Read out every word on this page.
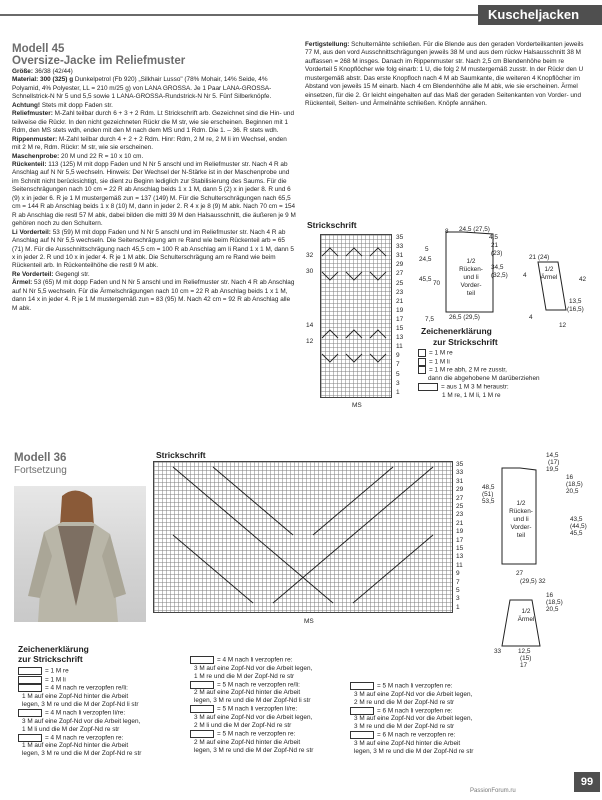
Kuscheljacken
Modell 45
Oversize-Jacke im Reliefmuster

Größe: 36/38 (42/44)

Material: 300 (325) g Dunkelpetrol (Fb 920) „Silkhair Lusso" (78% Mohair, 14% Seide, 4% Polyamid, 4% Polyester, LL = 210 m/25 g) von LANA GROSSA. Je 1 Paar LANA-GROSSA-Schnellstrick-N Nr 5 und 5,5 sowie 1 LANA-GROSSA-Rundstrick-N Nr 5. Fünf Silberknöpfe.

Achtung! Stets mit dopp Faden str.

Reliefmuster: M-Zahl teilbar durch 6 + 3 + 2 Rdm. Lt Strickschrift arb. Gezeichnet sind die Hin- und teilweise die Rückr. In den nicht gezeichneten Rückr die M str, wie sie erscheinen. Beginnen mit 1 Rdm, den MS stets wdh, enden mit den M nach dem MS und 1 Rdm. Die 1. – 36. R stets wdh.

Rippenmuster: M-Zahl teilbar durch 4 + 2 + 2 Rdm. Hinr: Rdm, 2 M re, 2 M li im Wechsel, enden mit 2 M re, Rdm. Rückr: M str, wie sie erscheinen.

Maschenprobe: 20 M und 22 R = 10 x 10 cm.

Rückenteil: 113 (125) M mit dopp Faden und N Nr 5 anschl und im Reliefmuster str. Nach 4 R ab Anschlag auf N Nr 5,5 wechseln. Hinweis: Der Wechsel der N-Stärke ist in der Maschenprobe und im Schnitt nicht berücksichtigt, sie dient zu Beginn lediglich zur Stabilisierung des Saums. Für die Seitenschrägungen nach 10 cm = 22 R ab Anschlag beids 1 x 1 M, dann 5 (2) x in jeder 8. R und 6 (9) x in jeder 6. R je 1 M mustergemäß zun = 137 (149) M. Für die Schulterschrägungen nach 65,5 cm = 144 R ab Anschlag beids 1 x 8 (10) M, dann in jeder 2. R 4 x je 8 (9) M abk. Nach 70 cm = 154 R ab Anschlag die restl 57 M abk, dabei bilden die mittl 39 M den Halsausschnitt, die äußeren je 9 M gehören noch zu den Schultern.

Li Vorderteil: 53 (59) M mit dopp Faden und N Nr 5 anschl und im Reliefmuster str. Nach 4 R ab Anschlag auf N Nr 5,5 wechseln. Die Seitenschrägung am re Rand wie beim Rückenteil arb = 65 (71) M. Für die Ausschnittschrägung nach 45,5 cm = 100 R ab Anschlag am li Rand 1 x 1 M, dann 5 x in jeder 2. R und 10 x in jeder 4. R je 1 M abk. Die Schulterschrägung am re Rand wie beim Rückenteil arb. In Rückenteilhöhe die restl 9 M abk.

Re Vorderteil: Gegengl str.

Ärmel: 53 (65) M mit dopp Faden und N Nr 5 anschl und im Reliefmuster str. Nach 4 R ab Anschlag auf N Nr 5,5 wechseln. Für die Ärmelschrägungen nach 10 cm = 22 R ab Anschlag beids 1 x 1 M, dann 14 x in jeder 4. R je 1 M mustergemäß zun = 83 (95) M. Nach 42 cm = 92 R ab Anschlag alle M abk.

Fertigstellung: Schulternähte schließen. Für die Blende aus den geraden Vorderteilkanten jeweils 77 M, aus den vord Ausschnittschrägungen jeweils 38 M und aus dem rückw Halsausschnitt 38 M auffassen = 268 M insges. Danach im Rippenmuster str. Nach 2,5 cm Blendenhöhe beim re Vorderteil 5 Knopflöcher wie folg einarb: 1 U, die folg 2 M mustergemäß zusstr. In der Rückr den U mustergemäß abstr. Das erste Knopfloch nach 4 M ab Saumkante, die weiteren 4 Knopflöcher im Abstand von jeweils 15 M einarb. Nach 4 cm Blendenhöhe alle M abk, wie sie erscheinen. Ärmel einsetzen, für die 2. Gr leicht eingehalten auf das Maß der geraden Seitenkanten von Vorder- und Rückenteil, Seiten- und Ärmelnähte schließen. Knöpfe annähen.

Strickschrift
35
33
31
29
27
25
23
21
19
17
15
13
11
9
7
5
3
1
32
30
14
12
MS
1/2
Rücken-
und li
Vorder-
teil
1/2
Ärmel
8 24,5 (27,5)
4,5
21
(23)
34,5
(32,5)
45,5
70
26,5 (29,5)
4
21 (24)
42
5
13,5
(16,5)
4
12
7,5
24,5
Zeichenerklärung
zur Strickschrift
= 1 M re
= 1 M li
= 1 M re abh, 2 M re zusstr,
dann die abgehobene M darüberziehen
= aus 1 M 3 M heraustr:
1 M re, 1 M li, 1 M re
Modell 36
Fortsetzung
Strickschrift
35
33
31
29
27
25
23
21
19
17
15
13
11
9
7
5
3
1
MS
1/2
Rücken-
und li
Vorder-
teil
1/2
Ärmel
14,5
(17)
19,5
16
(18,5)
20,5
48,5
(51)
53,5
43,5
(44,5)
45,5
27
(29,5) 32
16
(18,5)
20,5
12,5
(15)
17
33
Zeichenerklärung
zur Strickschrift
= 1 M re
= 1 M li
= 4 M nach re verzopfen re/li:
1 M auf eine Zopf-Nd hinter die Arbeit
legen, 3 M re und die M der Zopf-Nd li str
= 4 M nach li verzopfen li/re:
3 M auf eine Zopf-Nd vor die Arbeit legen,
1 M li und die M der Zopf-Nd re str
= 4 M nach re verzopfen re:
1 M auf eine Zopf-Nd hinter die Arbeit
legen, 3 M re und die M der Zopf-Nd re str
= 4 M nach li verzopfen re:
3 M auf eine Zopf-Nd vor die Arbeit legen,
1 M re und die M der Zopf-Nd re str
= 5 M nach re verzopfen re/li:
2 M auf eine Zopf-Nd hinter die Arbeit
legen, 3 M re und die M der Zopf-Nd li str
= 5 M nach li verzopfen li/re:
3 M auf eine Zopf-Nd vor die Arbeit legen,
2 M li und die M der Zopf-Nd re str
= 5 M nach re verzopfen re:
2 M auf eine Zopf-Nd hinter die Arbeit
legen, 3 M re und die M der Zopf-Nd re str
= 5 M nach li verzopfen re:
3 M auf eine Zopf-Nd vor die Arbeit legen,
2 M re und die M der Zopf-Nd re str
= 6 M nach li verzopfen re:
3 M auf eine Zopf-Nd vor die Arbeit legen,
3 M re und die M der Zopf-Nd re str
= 6 M nach re verzopfen re:
3 M auf eine Zopf-Nd hinter die Arbeit
legen, 3 M re und die M der Zopf-Nd re str
99
PassionForum.ru
